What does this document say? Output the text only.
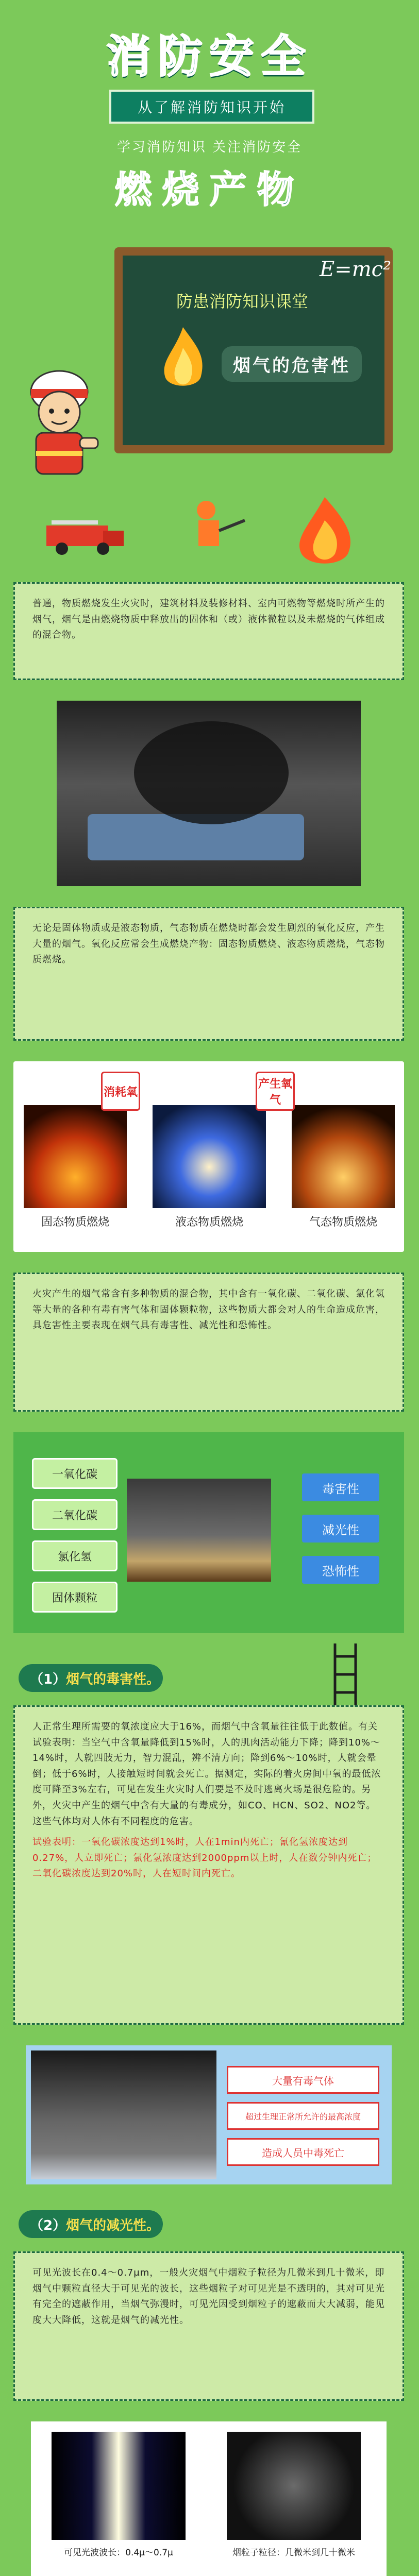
消防安全
从了解消防知识开始
学习消防知识 关注消防安全
燃烧产物
防患消防知识课堂
E=mc²
烟气的危害性
普通，物质燃烧发生火灾时，建筑材料及装修材料、室内可燃物等燃烧时所产生的烟气，烟气是由燃烧物质中释放出的固体和（或）液体微粒以及未燃烧的气体组成的混合物。
无论是固体物质或是液态物质，气态物质在燃烧时都会发生剧烈的氧化反应，产生大量的烟气。氧化反应常会生成燃烧产物：固态物质燃烧、液态物质燃烧，气态物质燃烧。
消耗氧
产生氧气
固态物质燃烧	液态物质燃烧	气态物质燃烧
火灾产生的烟气常含有多种物质的混合物，其中含有一氧化碳、二氧化碳、氯化氢等大量的各种有毒有害气体和固体颗粒物，这些物质大都会对人的生命造成危害，具危害性主要表现在烟气具有毒害性、减光性和恐怖性。
一氧化碳
二氧化碳
氯化氢
固体颗粒
毒害性
减光性
恐怖性
（1） 烟气的毒害性。
人正常生理所需要的氧浓度应大于16%，而烟气中含氧量往往低于此数值。有关试验表明：当空气中含氧量降低到15%时，人的肌肉活动能力下降；降到10%～14%时，人就四肢无力，智力混乱，辨不清方向；降到6%～10%时，人就会晕倒；低于6%时，人接触短时间就会死亡。据测定，实际的着火房间中氧的最低浓度可降至3%左右，可见在发生火灾时人们要是不及时逃离火场是很危险的。另外，火灾中产生的烟气中含有大量的有毒成分，如CO、HCN、SO2、NO2等。这些气体均对人体有不同程度的危害。
试验表明：一氧化碳浓度达到1%时，人在1min内死亡；氰化氢浓度达到0.27%，人立即死亡；氯化氢浓度达到2000ppm以上时，人在数分钟内死亡；二氧化碳浓度达到20%时，人在短时间内死亡。
大量有毒气体
超过生理正常所允许的最高浓度
造成人员中毒死亡
（2） 烟气的减光性。
可见光波长在0.4～0.7μm，一般火灾烟气中烟粒子粒径为几微米到几十微米，即烟气中颗粒直径大于可见光的波长，这些烟粒子对可见光是不透明的，其对可见光有完全的遮蔽作用，当烟气弥漫时，可见光因受到烟粒子的遮蔽而大大减弱，能见度大大降低，这就是烟气的减光性。
可见光波波长：0.4μ～0.7μ	烟粒子粒径：几微米到几十微米
